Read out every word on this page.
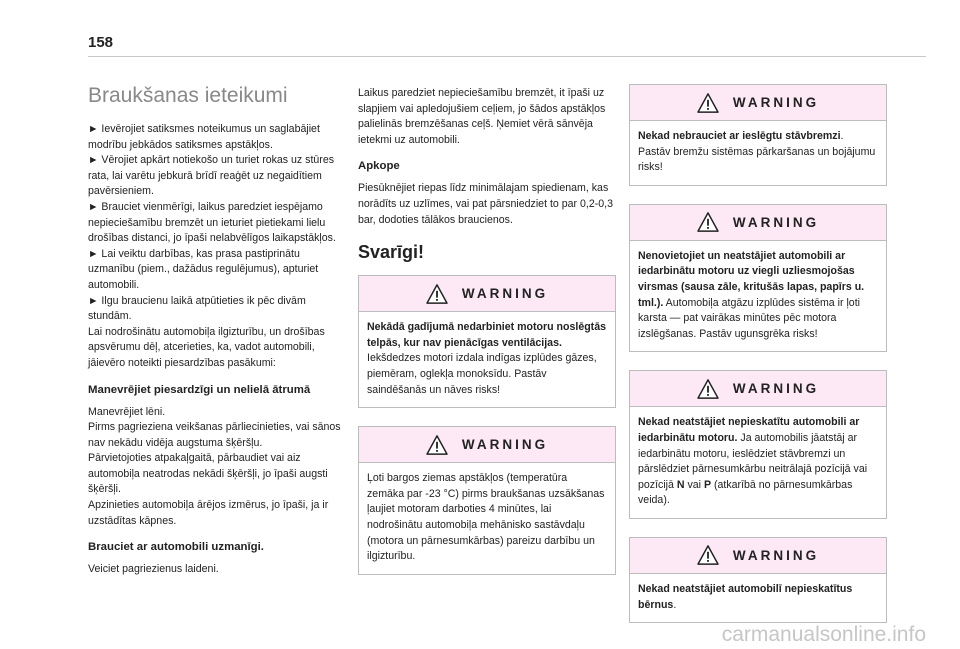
158
Braukšanas ieteikumi

► Ievērojiet satiksmes noteikumus un saglabājiet modrību jebkādos satiksmes apstākļos.

► Vērojiet apkārt notiekošo un turiet rokas uz stūres rata, lai varētu jebkurā brīdī reaģēt uz negaidītiem pavērsieniem.

► Brauciet vienmērīgi, laikus paredziet iespējamo nepieciešamību bremzēt un ieturiet pietiekami lielu drošības distanci, jo īpaši nelabvēlīgos laikapstākļos.

► Lai veiktu darbības, kas prasa pastiprinātu uzmanību (piem., dažādus regulējumus), apturiet automobili.

► Ilgu braucienu laikā atpūtieties ik pēc divām stundām.

Lai nodrošinātu automobiļa ilgizturību, un drošības apsvērumu dēļ, atcerieties, ka, vadot automobili, jāievēro noteikti piesardzības pasākumi:

Manevrējiet piesardzīgi un nelielā ātrumā

Manevrējiet lēni.

Pirms pagrieziena veikšanas pārliecinieties, vai sānos nav nekādu vidēja augstuma šķēršļu.

Pārvietojoties atpakaļgaitā, pārbaudiet vai aiz automobiļa neatrodas nekādi šķēršļi, jo īpaši augsti šķēršļi.

Apzinieties automobiļa ārējos izmērus, jo īpaši, ja ir uzstādītas kāpnes.

Brauciet ar automobili uzmanīgi.

Veiciet pagriezienus laideni.

Laikus paredziet nepieciešamību bremzēt, it īpaši uz slapjiem vai apledojušiem ceļiem, jo šādos apstākļos palielinās bremzēšanas ceļš. Ņemiet vērā sānvēja ietekmi uz automobili.

Apkope

Piesūknējiet riepas līdz minimālajam spiedienam, kas norādīts uz uzlīmes, vai pat pārsniedziet to par 0,2-0,3 bar, dodoties tālākos braucienos.

Svarīgi!
WARNING
Nekādā gadījumā nedarbiniet motoru noslēgtās telpās, kur nav pienācīgas ventilācijas. Iekšdedzes motori izdala indīgas izplūdes gāzes, piemēram, oglekļa monoksīdu. Pastāv saindēšanās un nāves risks!
WARNING
Ļoti bargos ziemas apstākļos (temperatūra zemāka par -23 °C) pirms braukšanas uzsākšanas ļaujiet motoram darboties 4 minūtes, lai nodrošinātu automobiļa mehānisko sastāvdaļu (motora un pārnesumkārbas) pareizu darbību un ilgizturību.
WARNING
Nekad nebrauciet ar ieslēgtu stāvbremzi. Pastāv bremžu sistēmas pārkaršanas un bojājumu risks!
WARNING
Nenovietojiet un neatstājiet automobili ar iedarbinātu motoru uz viegli uzliesmojošas virsmas (sausa zāle, kritušās lapas, papīrs u. tml.). Automobiļa atgāzu izplūdes sistēma ir ļoti karsta — pat vairākas minūtes pēc motora izslēgšanas. Pastāv ugunsgrēka risks!
WARNING
Nekad neatstājiet nepieskatītu automobili ar iedarbinātu motoru. Ja automobilis jāatstāj ar iedarbinātu motoru, ieslēdziet stāvbremzi un pārslēdziet pārnesumkārbu neitrālajā pozīcijā vai pozīcijā N vai P (atkarībā no pārnesumkārbas veida).
WARNING
Nekad neatstājiet automobilī nepieskatītus bērnus.
carmanualsonline.info
